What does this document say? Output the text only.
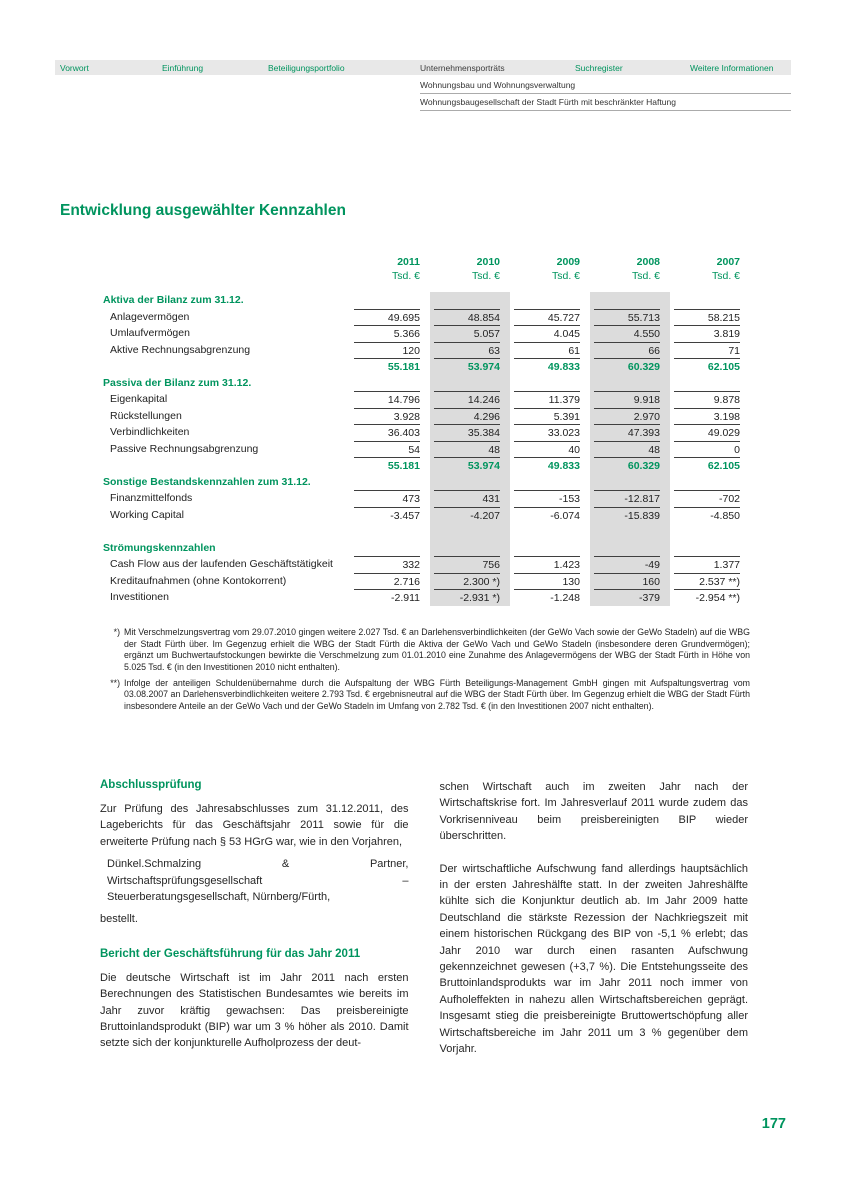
Vorwort	Einführung	Beteiligungsportfolio	Unternehmensporträts	Suchregister	Weitere Informationen
Wohnungsbau und Wohnungsverwaltung
Wohnungsbaugesellschaft der Stadt Fürth mit beschränkter Haftung
Entwicklung ausgewählter Kennzahlen
2011	2010	2009	2008	2007
Tsd. €	Tsd. €	Tsd. €	Tsd. €	Tsd. €
Aktiva der Bilanz zum 31.12.
Anlagevermögen	49.695	48.854	45.727	55.713	58.215
Umlaufvermögen	5.366	5.057	4.045	4.550	3.819
Aktive Rechnungsabgrenzung	120	63	61	66	71
55.181	53.974	49.833	60.329	62.105
Passiva der Bilanz zum 31.12.
Eigenkapital	14.796	14.246	11.379	9.918	9.878
Rückstellungen	3.928	4.296	5.391	2.970	3.198
Verbindlichkeiten	36.403	35.384	33.023	47.393	49.029
Passive Rechnungsabgrenzung	54	48	40	48	0
55.181	53.974	49.833	60.329	62.105
Sonstige Bestandskennzahlen zum 31.12.
Finanzmittelfonds	473	431	-153	-12.817	-702
Working Capital	-3.457	-4.207	-6.074	-15.839	-4.850
Strömungskennzahlen
Cash Flow aus der laufenden Geschäftstätigkeit	332	756	1.423	-49	1.377
Kreditaufnahmen (ohne Kontokorrent)	2.716	2.300 *)	130	160	2.537 **)
Investitionen	-2.911	-2.931 *)	-1.248	-379	-2.954 **)
*) Mit Verschmelzungsvertrag vom 29.07.2010 gingen weitere 2.027 Tsd. € an Darlehensverbindlichkeiten (der GeWo Vach sowie der GeWo Stadeln) auf die WBG der Stadt Fürth über. Im Gegenzug erhielt die WBG der Stadt Fürth die Aktiva der GeWo Vach und GeWo Stadeln (insbesondere deren Grundvermögen); ergänzt um Buchwertaufstockungen bewirkte die Verschmelzung zum 01.01.2010 eine Zunahme des Anlagevermögens der WBG der Stadt Fürth in Höhe von 5.025 Tsd. € (in den Investitionen 2010 nicht enthalten).
**) Infolge der anteiligen Schuldenübernahme durch die Aufspaltung der WBG Fürth Beteiligungs-Management GmbH gingen mit Aufspaltungsvertrag vom 03.08.2007 an Darlehensverbindlichkeiten weitere 2.793 Tsd. € ergebnisneutral auf die WBG der Stadt Fürth über. Im Gegenzug erhielt die WBG der Stadt Fürth insbesondere Anteile an der GeWo Vach und der GeWo Stadeln im Umfang von 2.782 Tsd. € (in den Investitionen 2007 nicht enthalten).
Abschlussprüfung

Zur Prüfung des Jahresabschlusses zum 31.12.2011, des Lageberichts für das Geschäftsjahr 2011 sowie für die erweiterte Prüfung nach § 53 HGrG war, wie in den Vorjahren,

Dünkel.Schmalzing & Partner, Wirtschaftsprüfungsgesellschaft – Steuerberatungsgesellschaft, Nürnberg/Fürth,

bestellt.

Bericht der Geschäftsführung für das Jahr 2011

Die deutsche Wirtschaft ist im Jahr 2011 nach ersten Berechnungen des Statistischen Bundesamtes wie bereits im Jahr zuvor kräftig gewachsen: Das preisbereinigte Bruttoinlandsprodukt (BIP) war um 3 % höher als 2010. Damit setzte sich der konjunkturelle Aufholprozess der deut-

schen Wirtschaft auch im zweiten Jahr nach der Wirtschaftskrise fort. Im Jahresverlauf 2011 wurde zudem das Vorkrisenniveau beim preisbereinigten BIP wieder überschritten.

Der wirtschaftliche Aufschwung fand allerdings hauptsächlich in der ersten Jahreshälfte statt. In der zweiten Jahreshälfte kühlte sich die Konjunktur deutlich ab. Im Jahr 2009 hatte Deutschland die stärkste Rezession der Nachkriegszeit mit einem historischen Rückgang des BIP von -5,1 % erlebt; das Jahr 2010 war durch einen rasanten Aufschwung gekennzeichnet gewesen (+3,7 %). Die Entstehungsseite des Bruttoinlandsprodukts war im Jahr 2011 noch immer von Aufholeffekten in nahezu allen Wirtschaftsbereichen geprägt. Insgesamt stieg die preisbereinigte Bruttowertschöpfung aller Wirtschaftsbereiche im Jahr 2011 um 3 % gegenüber dem Vorjahr.

177
